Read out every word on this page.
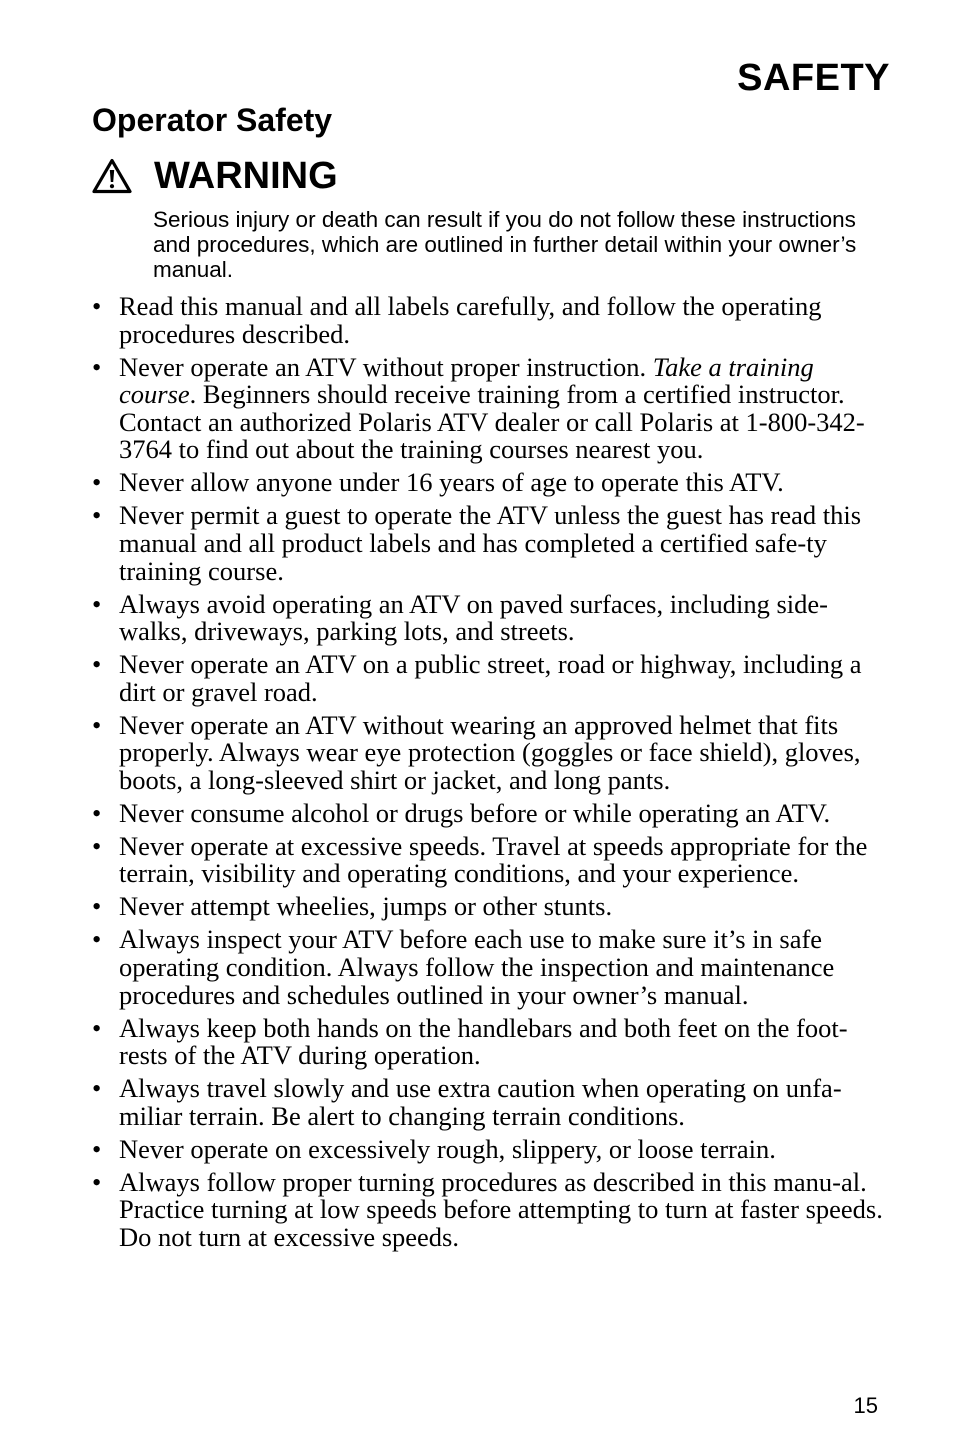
SAFETY
Operator Safety
WARNING

Serious injury or death can result if you do not follow these instructions and procedures, which are outlined in further detail within your owner’s manual.

• Read this manual and all labels carefully, and follow the operating procedures described.
• Never operate an ATV without proper instruction. Take a training course. Beginners should receive training from a certified instructor. Contact an authorized Polaris ATV dealer or call Polaris at 1-800-342-3764 to find out about the training courses nearest you.
• Never allow anyone under 16 years of age to operate this ATV.
• Never permit a guest to operate the ATV unless the guest has read this manual and all product labels and has completed a certified safe-ty training course.
• Always avoid operating an ATV on paved surfaces, including side-walks, driveways, parking lots, and streets.
• Never operate an ATV on a public street, road or highway, including a dirt or gravel road.
• Never operate an ATV without wearing an approved helmet that fits properly. Always wear eye protection (goggles or face shield), gloves, boots, a long-sleeved shirt or jacket, and long pants.
• Never consume alcohol or drugs before or while operating an ATV.
• Never operate at excessive speeds. Travel at speeds appropriate for the terrain, visibility and operating conditions, and your experience.
• Never attempt wheelies, jumps or other stunts.
• Always inspect your ATV before each use to make sure it’s in safe operating condition. Always follow the inspection and maintenance procedures and schedules outlined in your owner’s manual.
• Always keep both hands on the handlebars and both feet on the foot-rests of the ATV during operation.
• Always travel slowly and use extra caution when operating on unfa-miliar terrain. Be alert to changing terrain conditions.
• Never operate on excessively rough, slippery, or loose terrain.
• Always follow proper turning procedures as described in this manu-al. Practice turning at low speeds before attempting to turn at faster speeds. Do not turn at excessive speeds.

15
